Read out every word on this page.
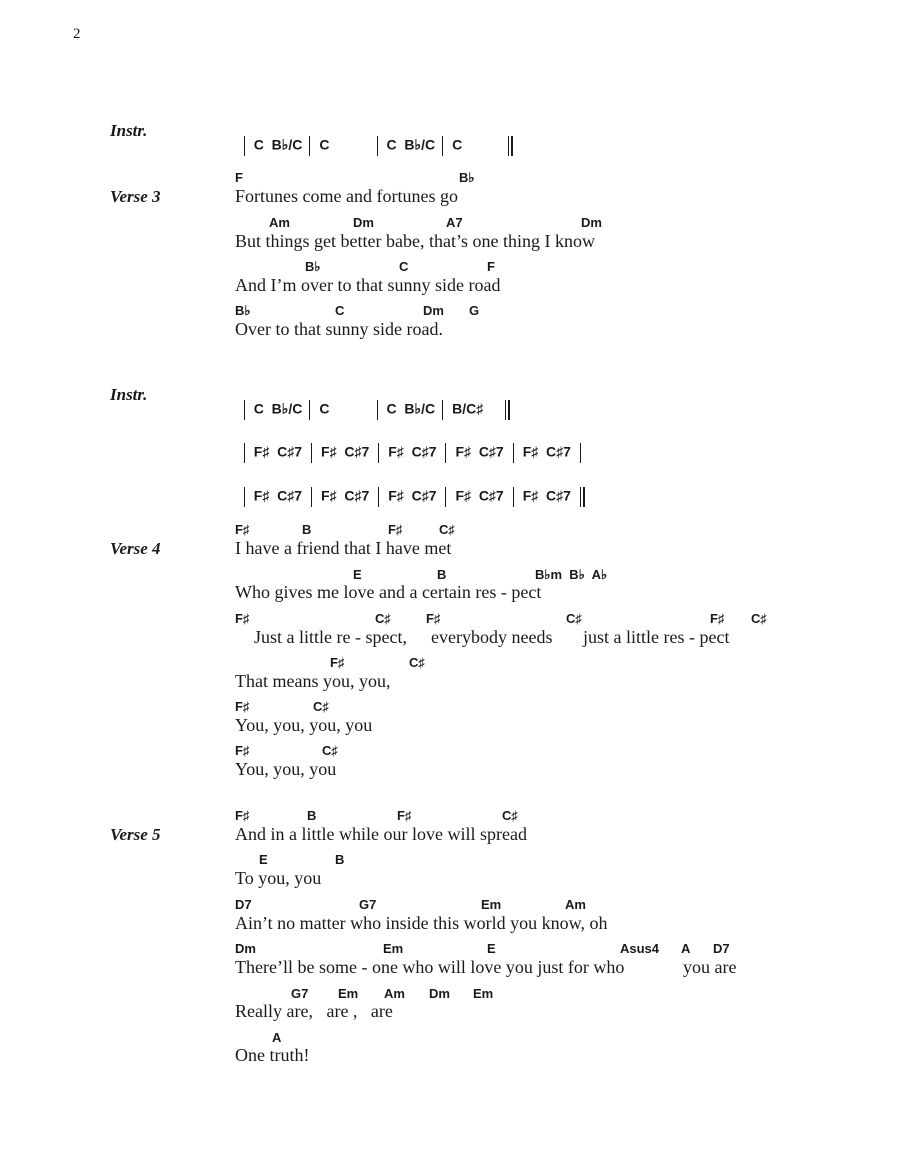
2
Instr.

C  B♭/C C	C  B♭/C C

F	B♭
Verse 3	Fortunes come and fortunes go
Am	Dm	A7	Dm
But things get better babe, that’s one thing I know
B♭	C	F
And I’m over to that sunny side road
B♭	C	Dm G
Over to that sunny side road.
Instr.

C  B♭/C C	C  B♭/C B/C♯

F♯  C♯7 F♯  C♯7 F♯  C♯7 F♯  C♯7 F♯  C♯7

F♯  C♯7 F♯  C♯7 F♯  C♯7 F♯  C♯7 F♯  C♯7

F♯	B	F♯	C♯
Verse 4	I have a friend that I have met
E	B	B♭m  B♭  A♭
Who gives me love and a certain res - pect
F♯	C♯	F♯	C♯	F♯ C♯
Just a little re - spect, everybody needs just a little res - pect
F♯	C♯
That means you, you,
F♯	C♯
You, you, you, you
F♯	C♯
You, you, you
F♯	B	F♯	C♯
Verse 5	And in a little while our love will spread
E	B
To you, you
D7	G7	Em	Am
Ain’t no matter who inside this world you know, oh
Dm	Em	E	Asus4 A D7
There’ll be some - one who will love you just for who	you are
G7 Em Am Dm Em
Really are,   are ,   are
A
One truth!
